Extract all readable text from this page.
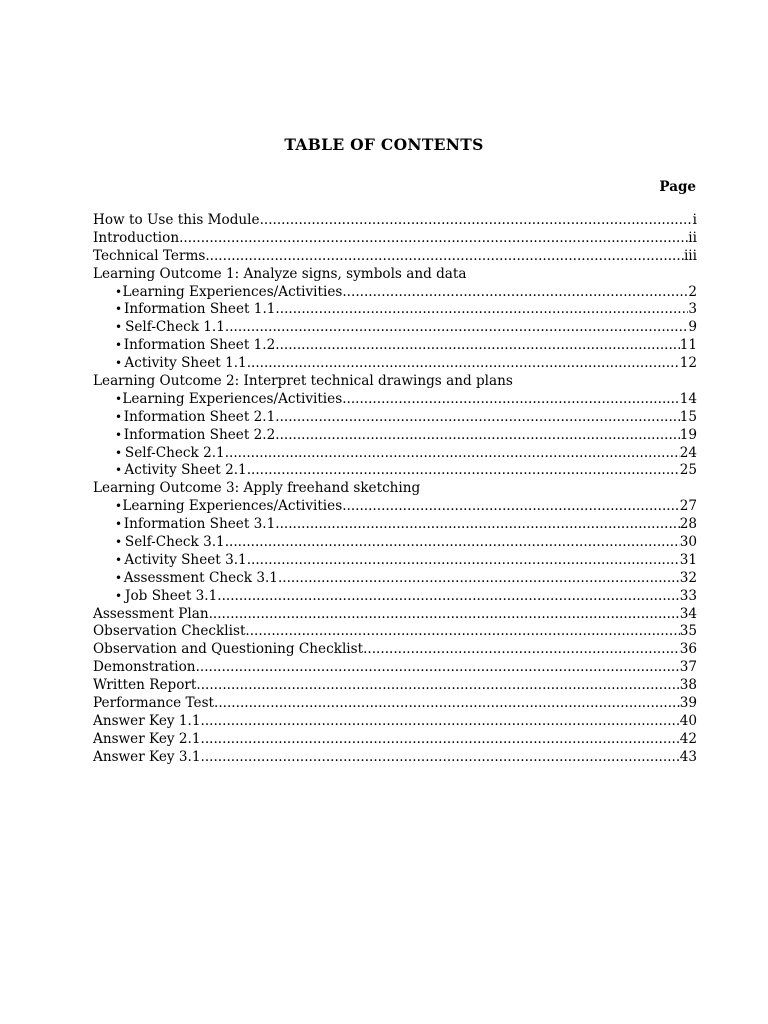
TABLE OF CONTENTS
Page
How to Use this Module .....	i
Introduction .....	ii
Technical Terms .....	iii
Learning Outcome 1: Analyze signs, symbols and data
• Learning Experiences/Activities .....	2
• Information Sheet 1.1 .....	3
• Self-Check 1.1 .....	9
• Information Sheet 1.2 .....	11
• Activity Sheet 1.1 .....	12
Learning Outcome 2: Interpret technical drawings and plans
• Learning Experiences/Activities .....	14
• Information Sheet 2.1 .....	15
• Information Sheet 2.2 .....	19
• Self-Check 2.1 .....	24
• Activity Sheet 2.1 .....	25
Learning Outcome 3: Apply freehand sketching
• Learning Experiences/Activities .....	27
• Information Sheet 3.1 .....	28
• Self-Check 3.1 .....	30
• Activity Sheet 3.1 .....	31
• Assessment Check 3.1 .....	32
• Job Sheet 3.1 .....	33
Assessment Plan .....	34
Observation Checklist .....	35
Observation and Questioning Checklist .....	36
Demonstration .....	37
Written Report .....	38
Performance Test .....	39
Answer Key 1.1 .....	40
Answer Key 2.1 .....	42
Answer Key 3.1 .....	43
